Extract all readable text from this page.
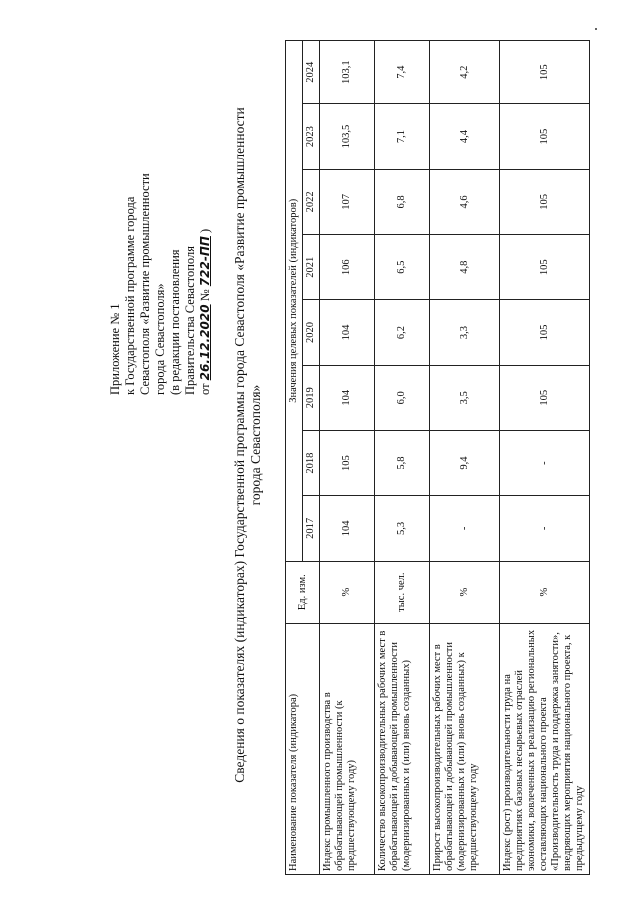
Приложение № 1 к Государственной программе города Севастополя «Развитие промышленности города Севастополя» (в редакции постановления Правительства Севастополя от 26.12.2020 № 722-ПП ) Сведения о показателях (индикаторах) Государственной программы города Севастополя «Развитие промышленности города Севастополя»
Наименование показателя (индикатора)	Ед. изм.	Значения целевых показателей (индикаторов)							
		2017	2018	2019	2020	2021	2022	2023	2024
Индекс промышленного производства в обрабатывающей промышленности (к предшествующему году)	%	104	105	104	104	106	107	103,5	103,1
Количество высокопроизводительных рабочих мест в обрабатывающей и добывающей промышленности (модернизированных и (или) вновь созданных)	тыс. чел.	5,3	5,8	6,0	6,2	6,5	6,8	7,1	7,4
Прирост высокопроизводительных рабочих мест в обрабатывающей и добывающей промышленности (модернизированных и (или) вновь созданных) к предшествующему году	%	-	9,4	3,5	3,3	4,8	4,6	4,4	4,2
Индекс (рост) производительности труда на предприятиях базовых несырьевых отраслей экономики, вовлеченных в реализацию региональных составляющих национального проекта «Производительность труда и поддержка занятости», внедряющих мероприятия национального проекта, к предыдущему году	%	-	-	105	105	105	105	105	105
